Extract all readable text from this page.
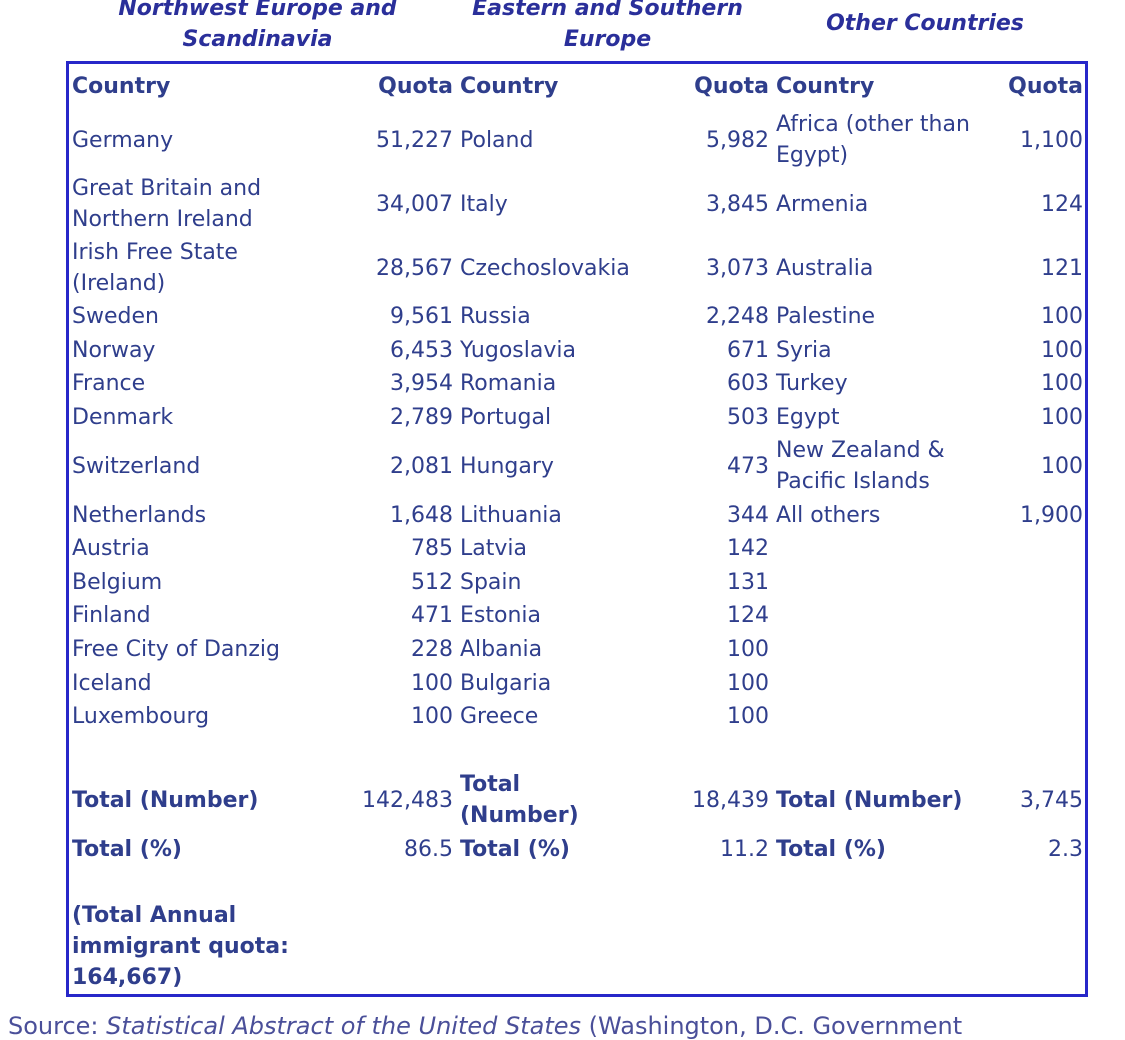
Northwest Europe and Scandinavia
Eastern and Southern Europe
Other Countries
Country	Quota	Country	Quota	Country	Quota
Germany	51,227	Poland	5,982	Africa (other than Egypt)	1,100
Great Britain and Northern Ireland	34,007	Italy	3,845	Armenia	124
Irish Free State (Ireland)	28,567	Czechoslovakia	3,073	Australia	121
Sweden	9,561	Russia	2,248	Palestine	100
Norway	6,453	Yugoslavia	671	Syria	100
France	3,954	Romania	603	Turkey	100
Denmark	2,789	Portugal	503	Egypt	100
Switzerland	2,081	Hungary	473	New Zealand & Pacific Islands	100
Netherlands	1,648	Lithuania	344	All others	1,900
Austria	785	Latvia	142		
Belgium	512	Spain	131		
Finland	471	Estonia	124		
Free City of Danzig	228	Albania	100		
Iceland	100	Bulgaria	100		
Luxembourg	100	Greece	100		

Total (Number)	142,483	Total (Number)	18,439	Total (Number)	3,745
Total (%)	86.5	Total (%)	11.2	Total (%)	2.3

(Total Annual immigrant quota: 164,667)					

Source: Statistical Abstract of the United States (Washington, D.C. Government
